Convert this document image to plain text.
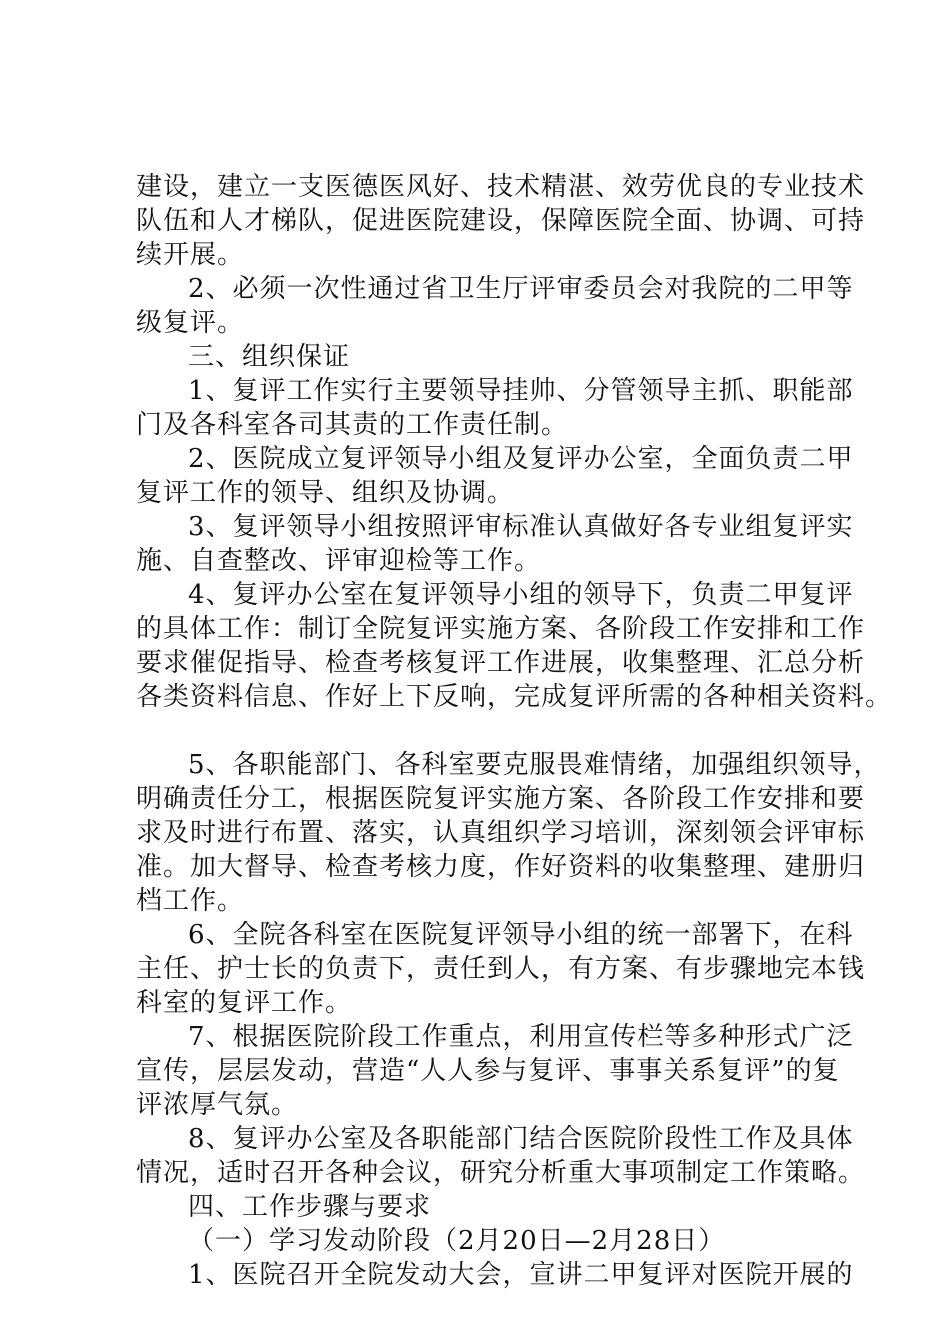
建设，建立一支医德医风好、技术精湛、效劳优良的专业技术
队伍和人才梯队，促进医院建设，保障医院全面、协调、可持
续开展。
2、必须一次性通过省卫生厅评审委员会对我院的二甲等
级复评。
三、组织保证
1、复评工作实行主要领导挂帅、分管领导主抓、职能部
门及各科室各司其责的工作责任制。
2、医院成立复评领导小组及复评办公室，全面负责二甲
复评工作的领导、组织及协调。
3、复评领导小组按照评审标准认真做好各专业组复评实
施、自查整改、评审迎检等工作。
4、复评办公室在复评领导小组的领导下，负责二甲复评
的具体工作：制订全院复评实施方案、各阶段工作安排和工作
要求催促指导、检查考核复评工作进展，收集整理、汇总分析
各类资料信息、作好上下反响，完成复评所需的各种相关资料。
5、各职能部门、各科室要克服畏难情绪，加强组织领导，
明确责任分工，根据医院复评实施方案、各阶段工作安排和要
求及时进行布置、落实，认真组织学习培训，深刻领会评审标
准。加大督导、检查考核力度，作好资料的收集整理、建册归
档工作。
6、全院各科室在医院复评领导小组的统一部署下，在科
主任、护士长的负责下，责任到人，有方案、有步骤地完本钱
科室的复评工作。
7、根据医院阶段工作重点，利用宣传栏等多种形式广泛
宣传，层层发动，营造“人人参与复评、事事关系复评”的复
评浓厚气氛。
8、复评办公室及各职能部门结合医院阶段性工作及具体
情况，适时召开各种会议，研究分析重大事项制定工作策略。
四、工作步骤与要求
（一）学习发动阶段（2月20日—2月28日）
1、医院召开全院发动大会，宣讲二甲复评对医院开展的
